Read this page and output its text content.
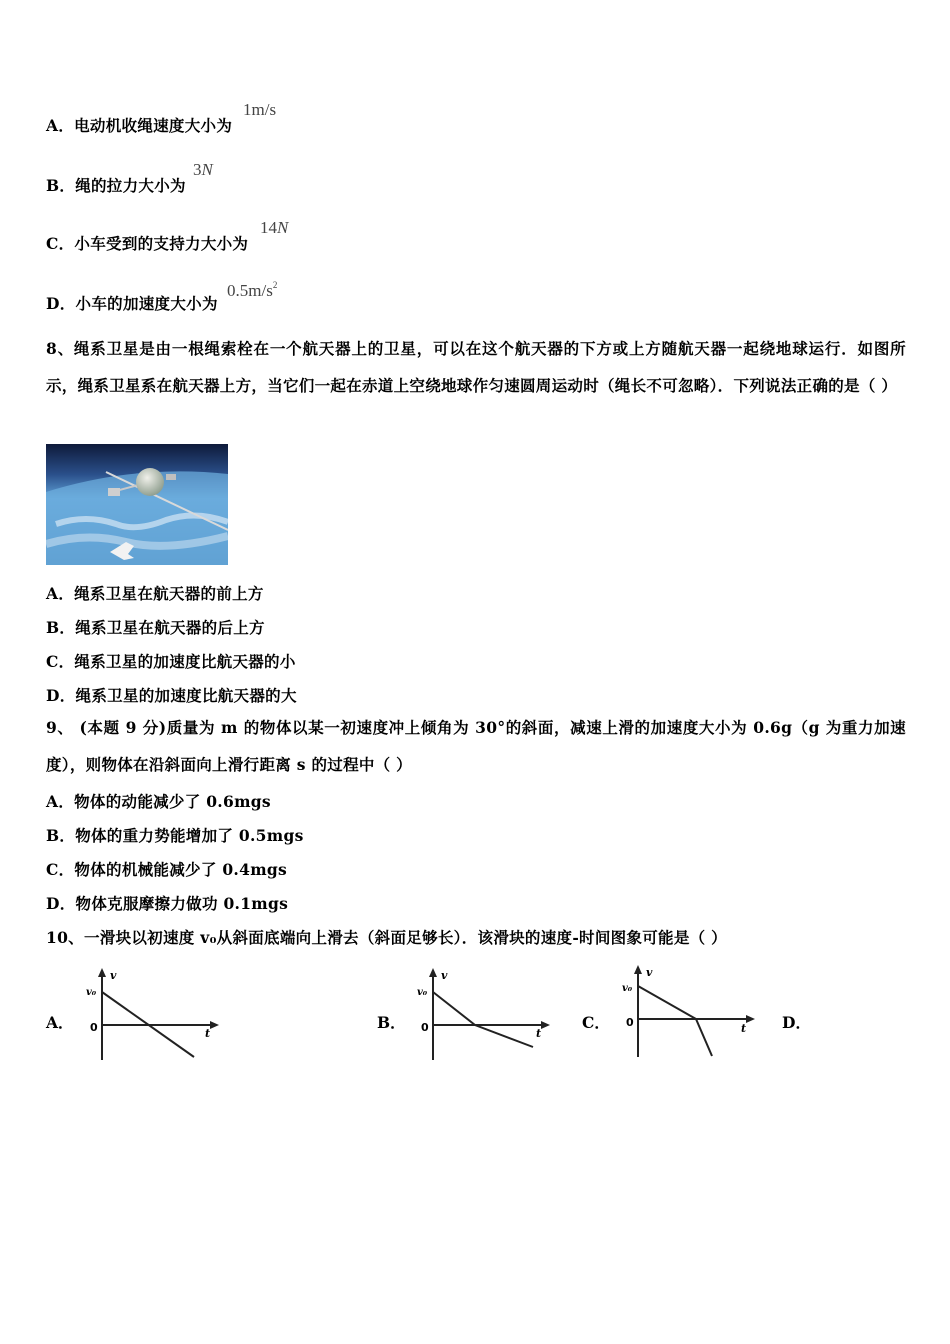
A．电动机收绳速度大小为
1m/s
B．绳的拉力大小为
3N
C．小车受到的支持力大小为
14N
D．小车的加速度大小为
$0.5m/s^2$
8、绳系卫星是由一根绳索栓在一个航天器上的卫星，可以在这个航天器的下方或上方随航天器一起绕地球运行．如图所示，绳系卫星系在航天器上方，当它们一起在赤道上空绕地球作匀速圆周运动时（绳长不可忽略）．下列说法正确的是（ ）
A．绳系卫星在航天器的前上方
B．绳系卫星在航天器的后上方
C．绳系卫星的加速度比航天器的小
D．绳系卫星的加速度比航天器的大
9、 (本题 9 分)质量为 m 的物体以某一初速度冲上倾角为 30°的斜面，减速上滑的加速度大小为 0.6g（g 为重力加速度），则物体在沿斜面向上滑行距离 s 的过程中（ ）
A．物体的动能减少了 0.6mgs
B．物体的重力势能增加了 0.5mgs
C．物体的机械能减少了 0.4mgs
D．物体克服摩擦力做功 0.1mgs
10、一滑块以初速度 v₀从斜面底端向上滑去（斜面足够长）．该滑块的速度-时间图象可能是（ ）
A．	B．	C．	D．
v
v₀
0	t
v
v₀
0	t
v
v₀
0	t
